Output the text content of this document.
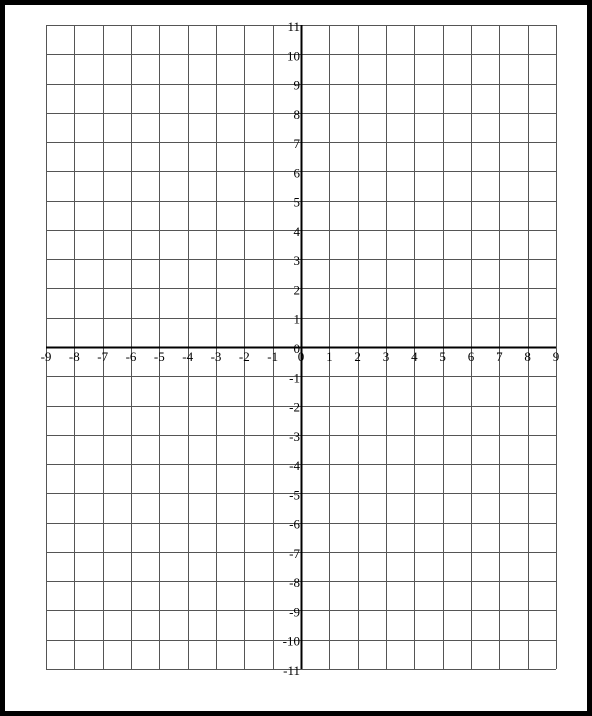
-9 -8 -7 -6 -5 -4 -3 -2 -1 0 1 2 3 4 5 6 7 8 9
11
10
9
8
7
6
5
4
3
2
1
0
-1
-2
-3
-4
-5
-6
-7
-8
-9
-10
-11
